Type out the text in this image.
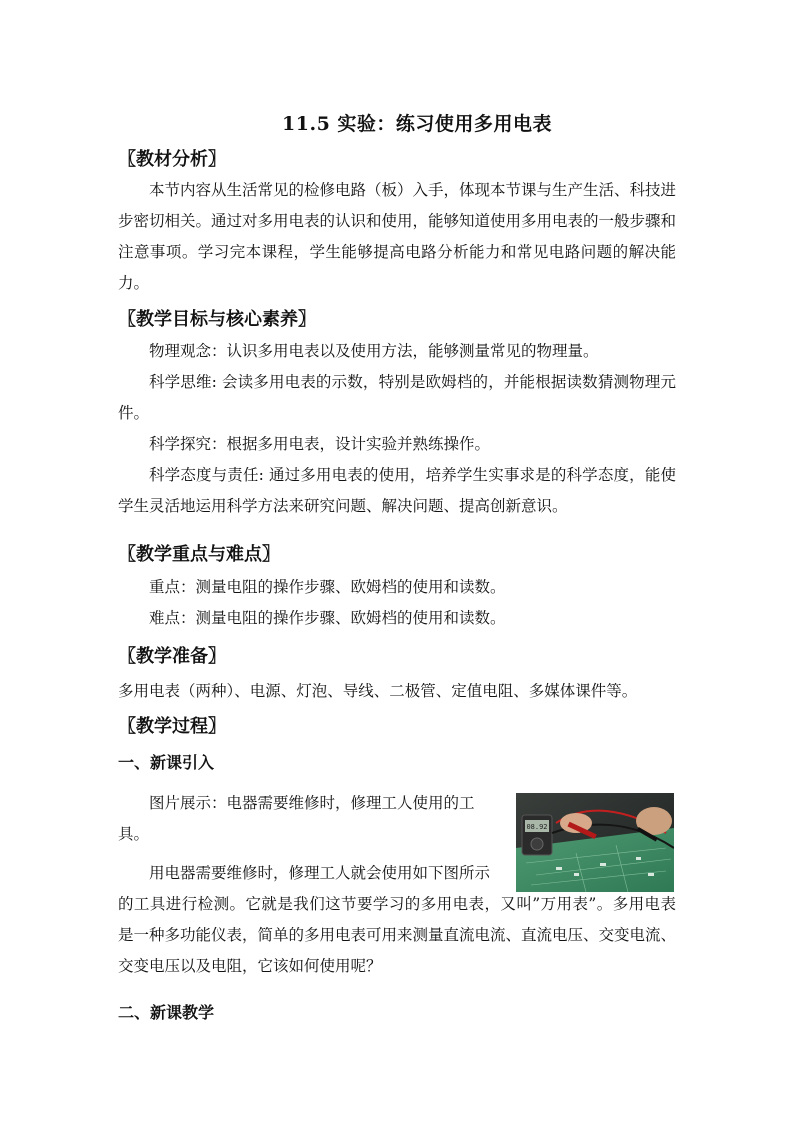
11.5 实验：练习使用多用电表
〖教材分析〗

本节内容从生活常见的检修电路（板）入手，体现本节课与生产生活、科技进步密切相关。通过对多用电表的认识和使用，能够知道使用多用电表的一般步骤和注意事项。学习完本课程，学生能够提高电路分析能力和常见电路问题的解决能力。

〖教学目标与核心素养〗
物理观念：认识多用电表以及使用方法，能够测量常见的物理量。

科学思维: 会读多用电表的示数，特别是欧姆档的，并能根据读数猜测物理元件。

科学探究：根据多用电表，设计实验并熟练操作。

科学态度与责任: 通过多用电表的使用，培养学生实事求是的科学态度，能使学生灵活地运用科学方法来研究问题、解决问题、提高创新意识。

〖教学重点与难点〗
重点：测量电阻的操作步骤、欧姆档的使用和读数。
难点：测量电阻的操作步骤、欧姆档的使用和读数。
〖教学准备〗
多用电表（两种）、电源、灯泡、导线、二极管、定值电阻、多媒体课件等。
〖教学过程〗
一、新课引入
图片展示：电器需要维修时，修理工人使用的工
具。
用电器需要维修时，修理工人就会使用如下图所示
08.92

的工具进行检测。它就是我们这节要学习的多用电表，又叫”万用表”。多用电表是一种多功能仪表，简单的多用电表可用来测量直流电流、直流电压、交变电流、交变电压以及电阻，它该如何使用呢？

二、新课教学
